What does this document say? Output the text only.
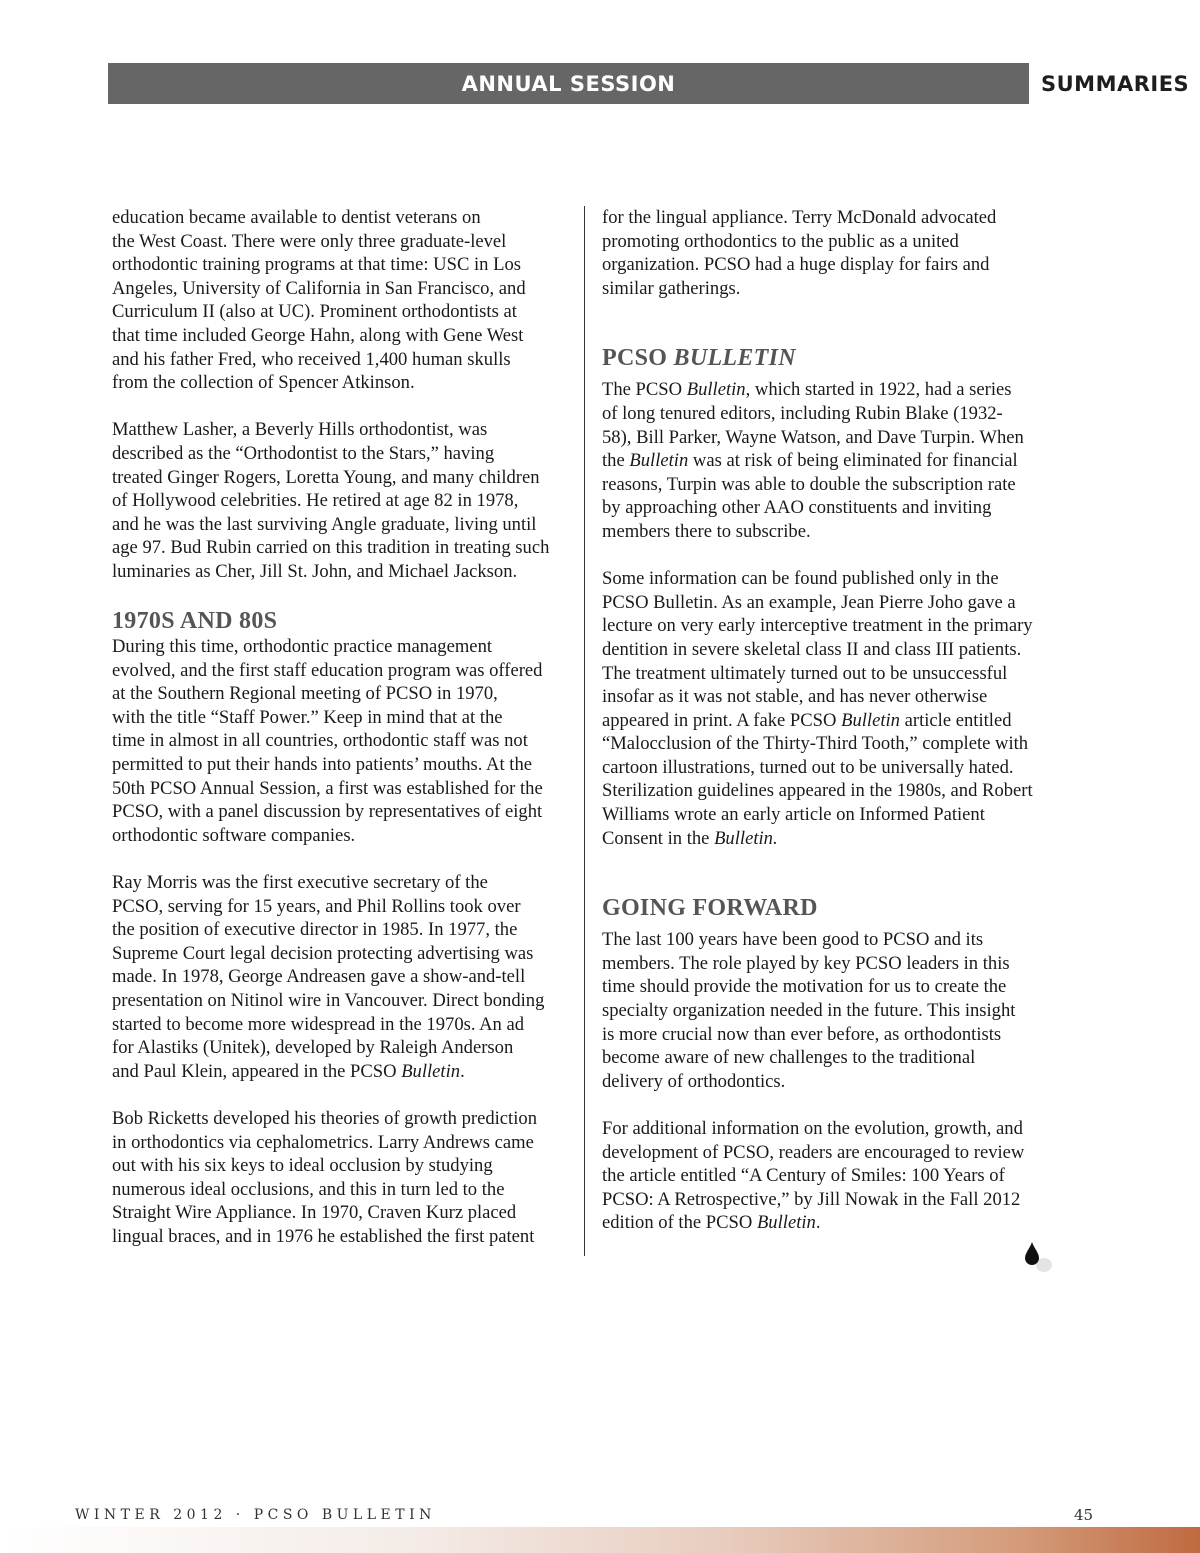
ANNUAL SESSION	SUMMARIES

education became available to dentist veterans on
the West Coast. There were only three graduate-level
orthodontic training programs at that time: USC in Los
Angeles, University of California in San Francisco, and
Curriculum II (also at UC). Prominent orthodontists at
that time included George Hahn, along with Gene West
and his father Fred, who received 1,400 human skulls
from the collection of Spencer Atkinson.

Matthew Lasher, a Beverly Hills orthodontist, was
described as the “Orthodontist to the Stars,” having
treated Ginger Rogers, Loretta Young, and many children
of Hollywood celebrities. He retired at age 82 in 1978,
and he was the last surviving Angle graduate, living until
age 97. Bud Rubin carried on this tradition in treating such
luminaries as Cher, Jill St. John, and Michael Jackson.

1970S AND 80S

During this time, orthodontic practice management
evolved, and the first staff education program was offered
at the Southern Regional meeting of PCSO in 1970,
with the title “Staff Power.” Keep in mind that at the
time in almost in all countries, orthodontic staff was not
permitted to put their hands into patients’ mouths. At the
50th PCSO Annual Session, a first was established for the
PCSO, with a panel discussion by representatives of eight
orthodontic software companies.

Ray Morris was the first executive secretary of the
PCSO, serving for 15 years, and Phil Rollins took over
the position of executive director in 1985. In 1977, the
Supreme Court legal decision protecting advertising was
made. In 1978, George Andreasen gave a show-and-tell
presentation on Nitinol wire in Vancouver. Direct bonding
started to become more widespread in the 1970s. An ad
for Alastiks (Unitek), developed by Raleigh Anderson
and Paul Klein, appeared in the PCSO Bulletin.

Bob Ricketts developed his theories of growth prediction
in orthodontics via cephalometrics. Larry Andrews came
out with his six keys to ideal occlusion by studying
numerous ideal occlusions, and this in turn led to the
Straight Wire Appliance. In 1970, Craven Kurz placed
lingual braces, and in 1976 he established the first patent

for the lingual appliance. Terry McDonald advocated
promoting orthodontics to the public as a united
organization. PCSO had a huge display for fairs and
similar gatherings.

PCSO BULLETIN

The PCSO Bulletin, which started in 1922, had a series
of long tenured editors, including Rubin Blake (1932-
58), Bill Parker, Wayne Watson, and Dave Turpin. When
the Bulletin was at risk of being eliminated for financial
reasons, Turpin was able to double the subscription rate
by approaching other AAO constituents and inviting
members there to subscribe.

Some information can be found published only in the
PCSO Bulletin. As an example, Jean Pierre Joho gave a
lecture on very early interceptive treatment in the primary
dentition in severe skeletal class II and class III patients.
The treatment ultimately turned out to be unsuccessful
insofar as it was not stable, and has never otherwise
appeared in print. A fake PCSO Bulletin article entitled
“Malocclusion of the Thirty-Third Tooth,” complete with
cartoon illustrations, turned out to be universally hated.
Sterilization guidelines appeared in the 1980s, and Robert
Williams wrote an early article on Informed Patient
Consent in the Bulletin.

GOING FORWARD

The last 100 years have been good to PCSO and its
members. The role played by key PCSO leaders in this
time should provide the motivation for us to create the
specialty organization needed in the future. This insight
is more crucial now than ever before, as orthodontists
become aware of new challenges to the traditional
delivery of orthodontics.

For additional information on the evolution, growth, and
development of PCSO, readers are encouraged to review
the article entitled “A Century of Smiles: 100 Years of
PCSO: A Retrospective,” by Jill Nowak in the Fall 2012
edition of the PCSO Bulletin.

WINTER 2012 · PCSO BULLETIN	45
